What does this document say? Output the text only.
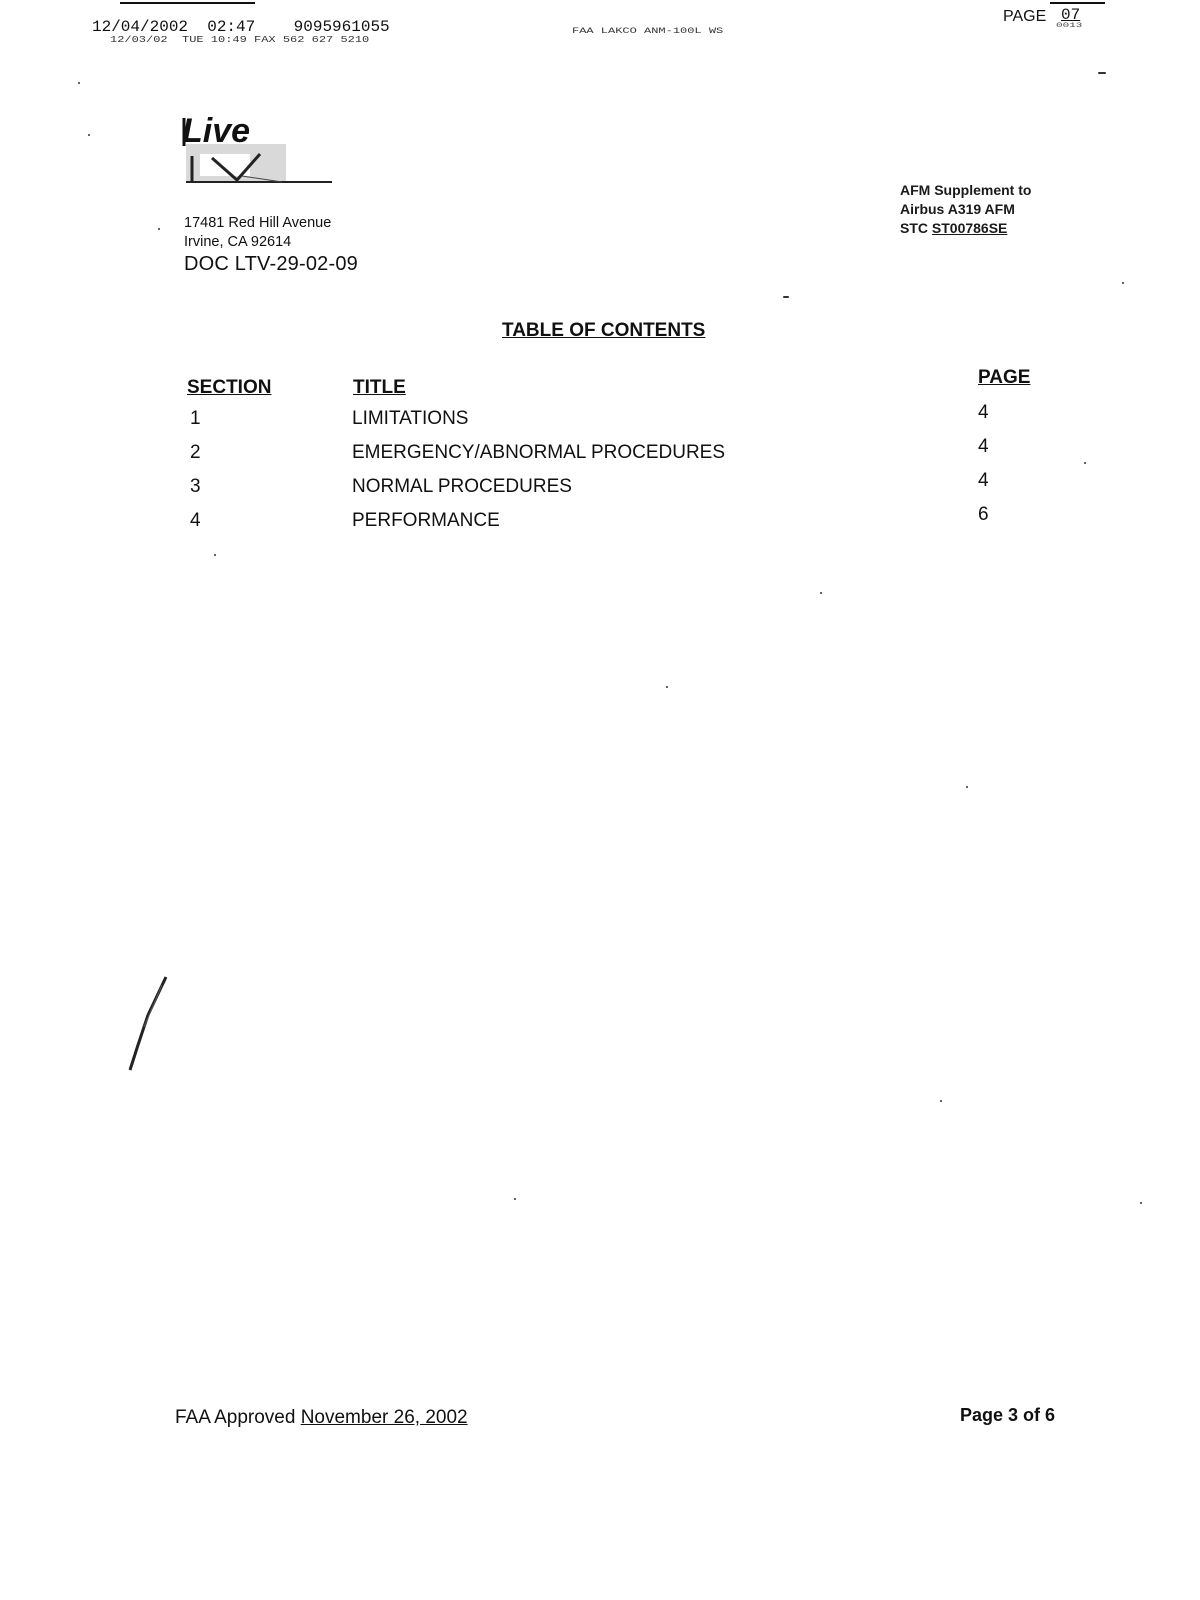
12/04/2002  02:47    9095961055
12/03/02  TUE 10:49 FAX 562 627 5210
FAA LAKCO ANM-100L WS
PAGE 07
0013
Live
17481 Red Hill Avenue
Irvine, CA 92614
DOC LTV-29-02-09
AFM Supplement to
Airbus A319 AFM
STC ST00786SE
TABLE OF CONTENTS
SECTION	TITLE	PAGE
1	LIMITATIONS	4
2	EMERGENCY/ABNORMAL PROCEDURES	4
3	NORMAL PROCEDURES	4
4	PERFORMANCE	6
FAA Approved November 26, 2002	Page 3 of 6
